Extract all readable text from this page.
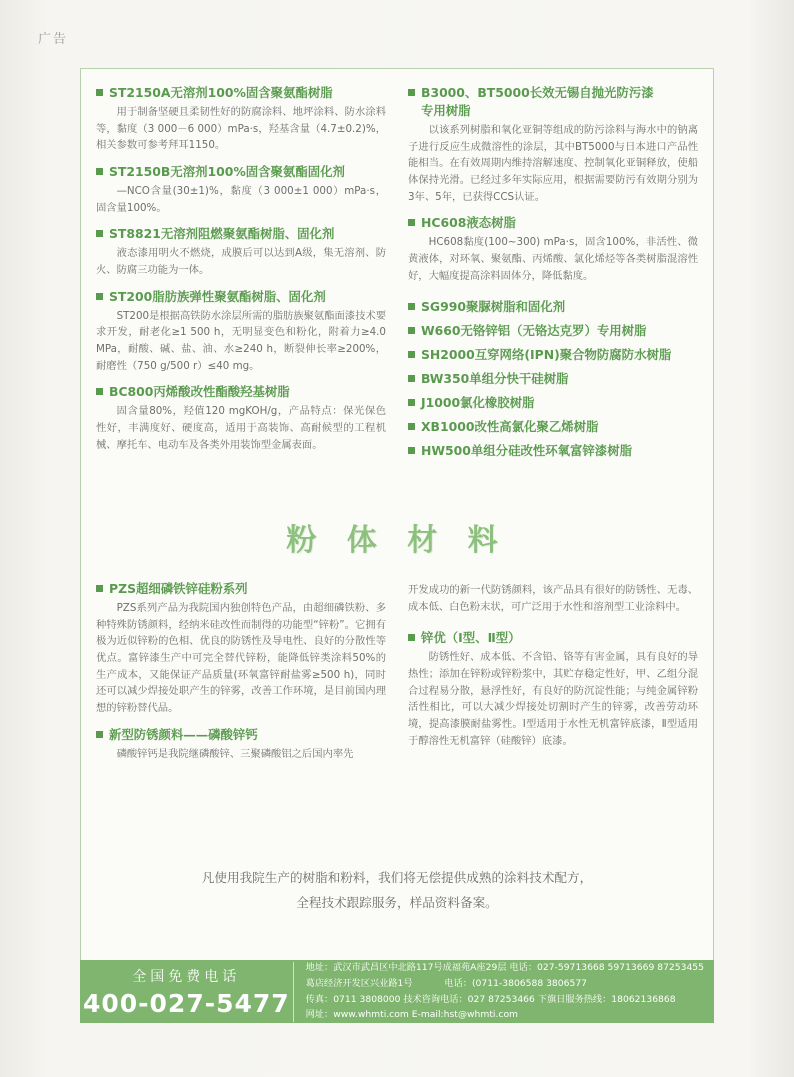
广告
ST2150A无溶剂100%固含聚氨酯树脂
用于制备坚硬且柔韧性好的防腐涂料、地坪涂料、防水涂料等，黏度（3 000－6 000）mPa·s，羟基含量（4.7±0.2)%，相关参数可参考拜耳1150。
ST2150B无溶剂100%固含聚氨酯固化剂
—NCO含量(30±1)%，黏度（3 000±1 000）mPa·s，固含量100%。
ST8821无溶剂阻燃聚氨酯树脂、固化剂
液态漆用明火不燃烧，成膜后可以达到A级，集无溶剂、防火、防腐三功能为一体。
ST200脂肪族弹性聚氨酯树脂、固化剂
ST200是根据高铁防水涂层所需的脂肪族聚氨酯面漆技术要求开发，耐老化≥1 500 h，无明显变色和粉化，附着力≥4.0 MPa，耐酸、碱、盐、油、水≥240 h，断裂伸长率≥200%，耐磨性（750 g/500 r）≤40 mg。
BC800丙烯酸改性酯酸羟基树脂
固含量80%，羟值120 mgKOH/g，产品特点：保光保色性好，丰满度好、硬度高，适用于高装饰、高耐候型的工程机械、摩托车、电动车及各类外用装饰型金属表面。
B3000、BT5000长效无锡自抛光防污漆
专用树脂
以该系列树脂和氧化亚铜等组成的防污涂料与海水中的钠离子进行反应生成微溶性的涂层，其中BT5000与日本进口产品性能相当。在有效周期内维持溶解速度、控制氧化亚铜释放，使船体保持光滑。已经过多年实际应用，根据需要防污有效期分别为3年、5年，已获得CCS认证。
HC608液态树脂
HC608黏度(100~300) mPa·s，固含100%，非活性、微黄液体，对环氧、聚氨酯、丙烯酸、氯化烯烃等各类树脂混溶性好，大幅度提高涂料固体分，降低黏度。
SG990聚脲树脂和固化剂
W660无铬锌铝（无铬达克罗）专用树脂
SH2000互穿网络(IPN)聚合物防腐防水树脂
BW350单组分快干硅树脂
J1000氯化橡胶树脂
XB1000改性高氯化聚乙烯树脂
HW500单组分硅改性环氧富锌漆树脂
粉 体 材 料
PZS超细磷铁锌硅粉系列
PZS系列产品为我院国内独创特色产品，由超细磷铁粉、多种特殊防锈颜料，经纳米硅改性而制得的功能型“锌粉”。它拥有极为近似锌粉的色相、优良的防锈性及导电性、良好的分散性等优点。富锌漆生产中可完全替代锌粉，能降低锌类涂料50%的生产成本，又能保证产品质量(环氧富锌耐盐雾≥500 h)，同时还可以减少焊接处职产生的锌雾，改善工作环境，是目前国内理想的锌粉替代品。
新型防锈颜料——磷酸锌钙
磷酸锌钙是我院继磷酸锌、三聚磷酸铝之后国内率先
开发成功的新一代防锈颜料，该产品具有很好的防锈性、无毒、成本低、白色粉末状，可广泛用于水性和溶剂型工业涂料中。
锌优（Ⅰ型、Ⅱ型）
防锈性好、成本低、不含铅、铬等有害金属，具有良好的导热性；添加在锌粉或锌粉浆中，其贮存稳定性好，甲、乙组分混合过程易分散，悬浮性好，有良好的防沉淀性能；与纯金属锌粉活性相比，可以大减少焊接处切割时产生的锌雾，改善劳动环境，提高漆膜耐盐雾性。Ⅰ型适用于水性无机富锌底漆，Ⅱ型适用于醇溶性无机富锌（硅酸锌）底漆。
凡使用我院生产的树脂和粉料，我们将无偿提供成熟的涂料技术配方，
全程技术跟踪服务，样品资料备案。
全国免费电话
400-027-5477
地址：武汉市武昌区中北路117号成福苑A座29层 电话：027-59713668 59713669 87253455
葛店经济开发区兴业路1号	电话：(0711-3806588 3806577
传真：0711 3808000 技术咨询电话：027 87253466 下旗日服务热线：18062136868
网址：www.whmti.com E-mail:hst@whmti.com
